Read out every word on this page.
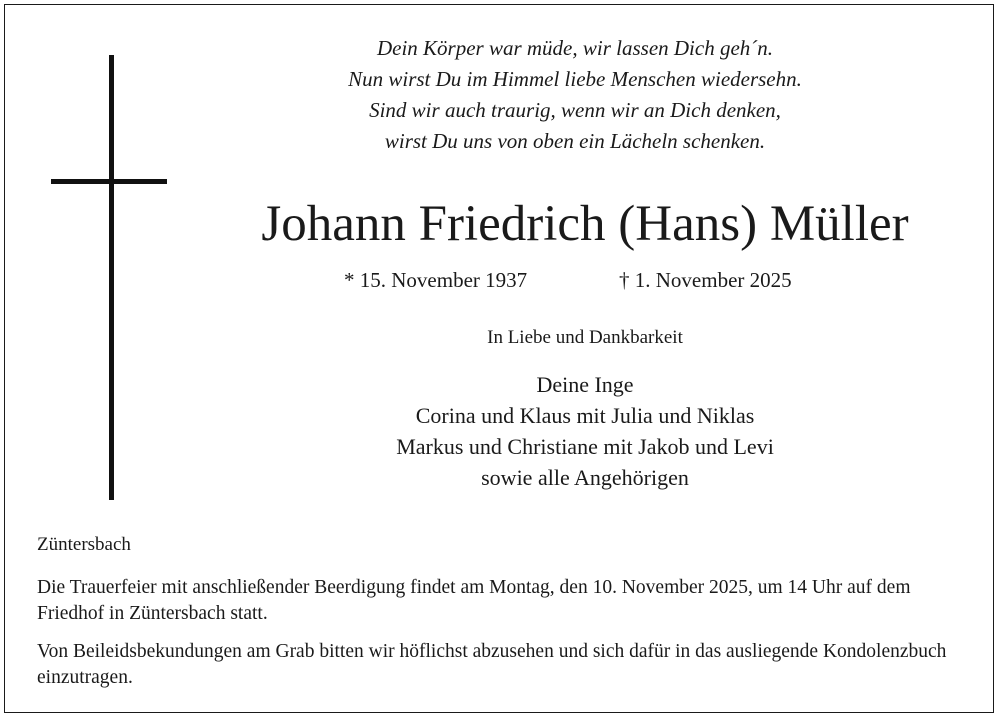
Dein Körper war müde, wir lassen Dich geh´n.
Nun wirst Du im Himmel liebe Menschen wiedersehn.
Sind wir auch traurig, wenn wir an Dich denken,
wirst Du uns von oben ein Lächeln schenken.
Johann Friedrich (Hans) Müller
* 15. November 1937	† 1. November 2025
In Liebe und Dankbarkeit
Deine Inge
Corina und Klaus mit Julia und Niklas
Markus und Christiane mit Jakob und Levi
sowie alle Angehörigen
Züntersbach
Die Trauerfeier mit anschließender Beerdigung findet am Montag, den 10. November 2025, um 14 Uhr auf dem Friedhof in Züntersbach statt.
Von Beileidsbekundungen am Grab bitten wir höflichst abzusehen und sich dafür in das ausliegende Kondolenzbuch einzutragen.
